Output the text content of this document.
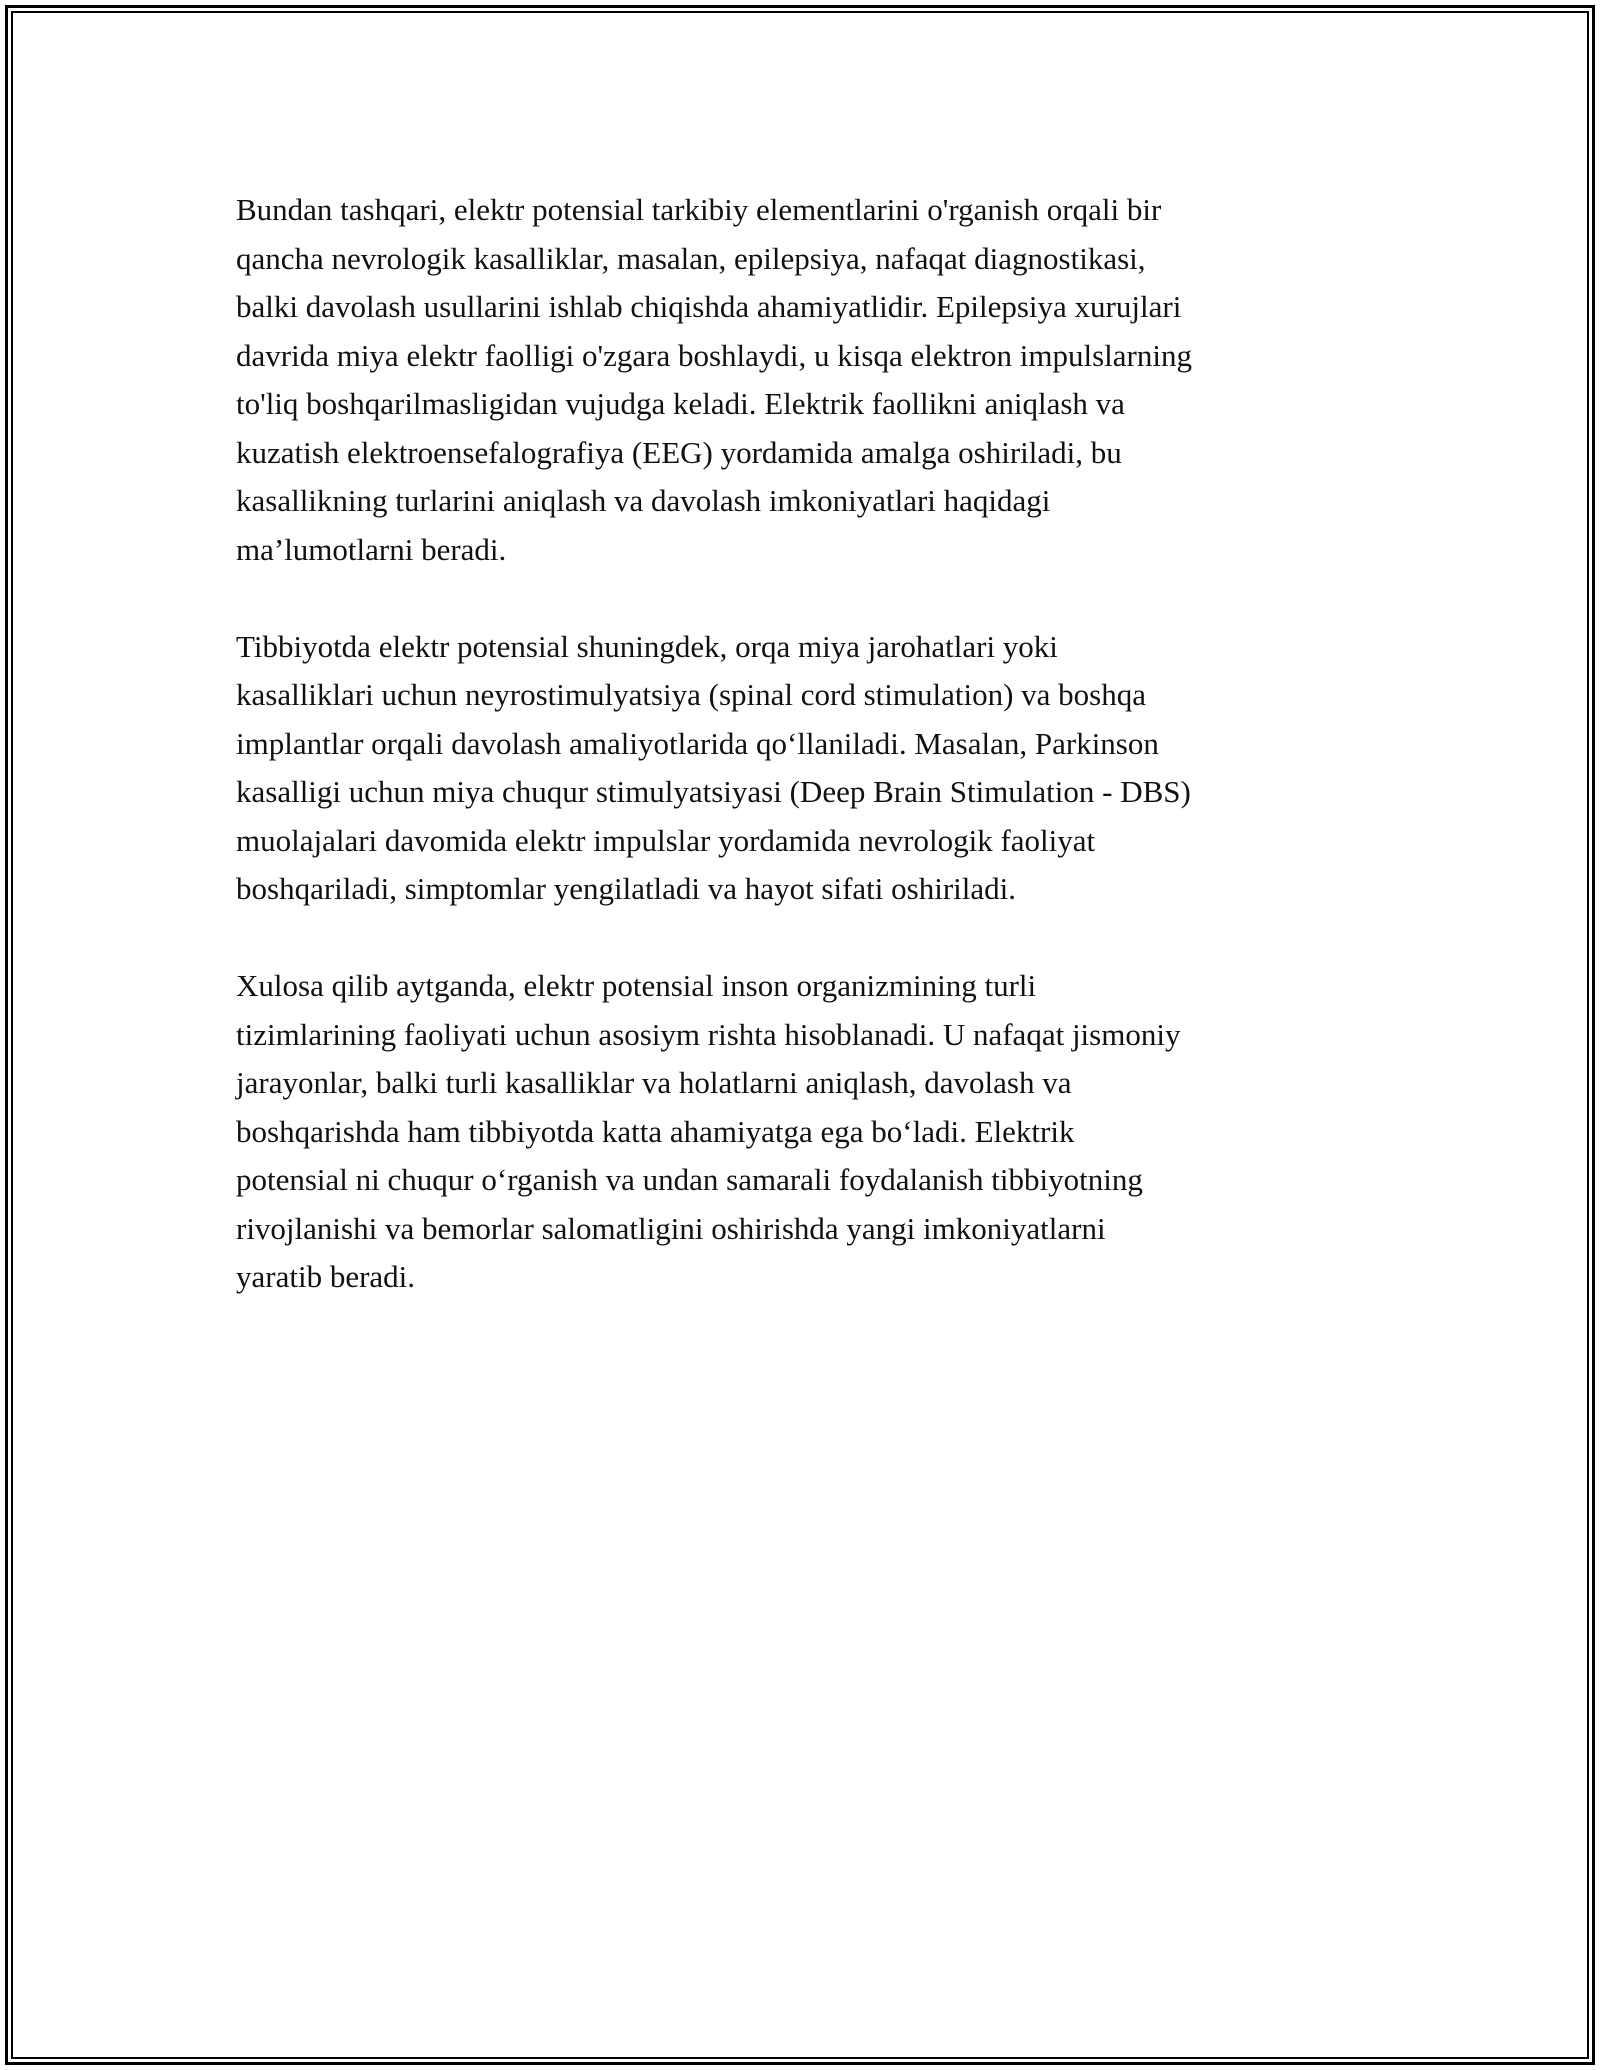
Bundan tashqari, elektr potensial tarkibiy elementlarini o'rganish orqali bir
qancha nevrologik kasalliklar, masalan, epilepsiya, nafaqat diagnostikasi,
balki davolash usullarini ishlab chiqishda ahamiyatlidir. Epilepsiya xurujlari
davrida miya elektr faolligi o'zgara boshlaydi, u kisqa elektron impulslarning
to'liq boshqarilmasligidan vujudga keladi. Elektrik faollikni aniqlash va
kuzatish elektroensefalografiya (EEG) yordamida amalga oshiriladi, bu
kasallikning turlarini aniqlash va davolash imkoniyatlari haqidagi
ma’lumotlarni beradi.

Tibbiyotda elektr potensial shuningdek, orqa miya jarohatlari yoki
kasalliklari uchun neyrostimulyatsiya (spinal cord stimulation) va boshqa
implantlar orqali davolash amaliyotlarida qo‘llaniladi. Masalan, Parkinson
kasalligi uchun miya chuqur stimulyatsiyasi (Deep Brain Stimulation - DBS)
muolajalari davomida elektr impulslar yordamida nevrologik faoliyat
boshqariladi, simptomlar yengilatladi va hayot sifati oshiriladi.

Xulosa qilib aytganda, elektr potensial inson organizmining turli
tizimlarining faoliyati uchun asosiym rishta hisoblanadi. U nafaqat jismoniy
jarayonlar, balki turli kasalliklar va holatlarni aniqlash, davolash va
boshqarishda ham tibbiyotda katta ahamiyatga ega bo‘ladi. Elektrik
potensial ni chuqur o‘rganish va undan samarali foydalanish tibbiyotning
rivojlanishi va bemorlar salomatligini oshirishda yangi imkoniyatlarni
yaratib beradi.
